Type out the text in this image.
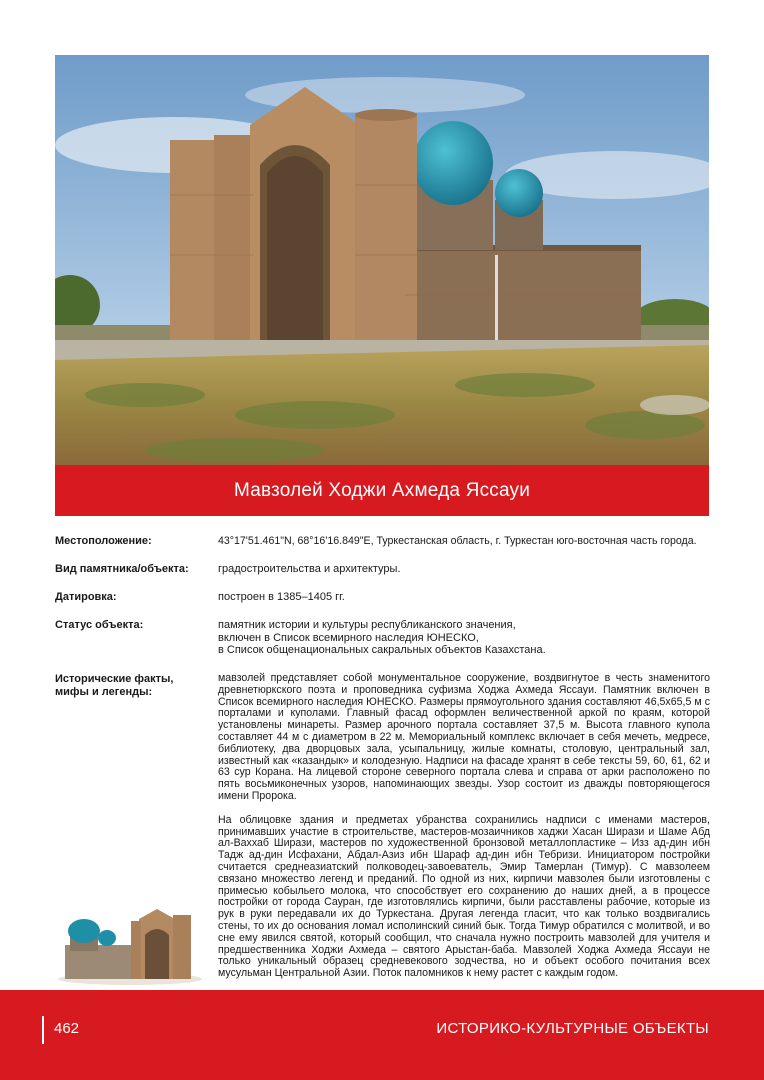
Мавзолей Ходжи Ахмеда Яссауи
Местоположение:	43°17'51.461"N, 68°16'16.849"E, Туркестанская область, г. Туркестан юго-восточная часть города.
Вид памятника/объекта:	градостроительства и архитектуры.
Датировка:	построен в 1385–1405 гг.
Статус объекта:	памятник истории и культуры республиканского значения,
включен в Список всемирного наследия ЮНЕСКО,
в Список общенациональных сакральных объектов Казахстана.
Исторические факты,
мифы и легенды:

мавзолей представляет собой монументальное сооружение, воздвигнутое в честь знаменитого древнетюркского поэта и проповедника суфизма Ходжа Ахмеда Яссауи. Памятник включен в Список всемирного наследия ЮНЕСКО. Размеры прямоугольного здания составляют 46,5х65,5 м с порталами и куполами. Главный фасад оформлен величественной аркой по краям, которой установлены минареты. Размер арочного портала составляет 37,5 м. Высота главного купола составляет 44 м с диаметром в 22 м. Мемориальный комплекс включает в себя мечеть, медресе, библиотеку, два дворцовых зала, усыпальницу, жилые комнаты, столовую, центральный зал, известный как «казандык» и колодезную. Надписи на фасаде хранят в себе тексты 59, 60, 61, 62 и 63 сур Корана. На лицевой стороне северного портала слева и справа от арки расположено по пять восьмиконечных узоров, напоминающих звезды. Узор состоит из дважды повторяющегося имени Пророка.

На облицовке здания и предметах убранства сохранились надписи с именами мастеров, принимавших участие в строительстве, мастеров-мозаичников хаджи Хасан Ширази и Шаме Абд ал-Ваххаб Ширази, мастеров по художественной бронзовой металлопластике – Изз ад-дин ибн Тадж ад-дин Исфахани, Абдал-Азиз ибн Шараф ад-дин ибн Тебризи. Инициатором постройки считается среднеазиатский полководец-завоеватель, Эмир Тамерлан (Тимур). С мавзолеем связано множество легенд и преданий. По одной из них, кирпичи мавзолея были изготовлены с примесью кобыльего молока, что способствует его сохранению до наших дней, а в процессе постройки от города Сауран, где изготовлялись кирпичи, были расставлены рабочие, которые из рук в руки передавали их до Туркестана. Другая легенда гласит, что как только воздвигались стены, то их до основания ломал исполинский синий бык. Тогда Тимур обратился с молитвой, и во сне ему явился святой, который сообщил, что сначала нужно построить мавзолей для учителя и предшественника Ходжи Ахмеда – святого Арыстан-баба. Мавзолей Ходжа Ахмеда Яссауи не только уникальный образец средневекового зодчества, но и объект особого почитания всех мусульман Центральной Азии. Поток паломников к нему растет с каждым годом.

462	ИСТОРИКО-КУЛЬТУРНЫЕ ОБЪЕКТЫ
